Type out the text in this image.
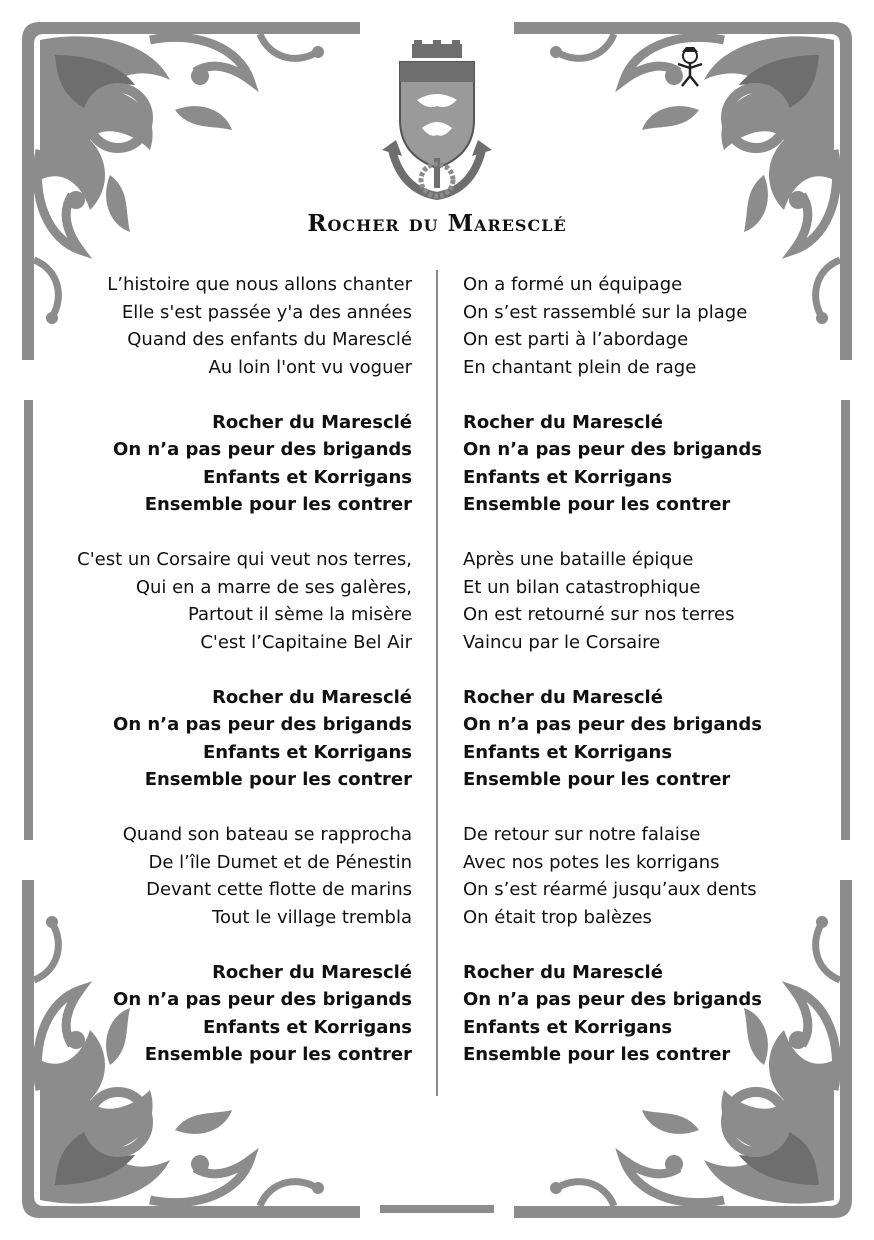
Rocher du Maresclé
L’histoire que nous allons chanter
Elle s'est passée y'a des années
Quand des enfants du Maresclé
Au loin l'ont vu voguer
Rocher du Maresclé
On n’a pas peur des brigands
Enfants et Korrigans
Ensemble pour les contrer
C'est un Corsaire qui veut nos terres,
Qui en a marre de ses galères,
Partout il sème la misère
C'est l’Capitaine Bel Air
Rocher du Maresclé
On n’a pas peur des brigands
Enfants et Korrigans
Ensemble pour les contrer
Quand son bateau se rapprocha
De l’île Dumet et de Pénestin
Devant cette flotte de marins
Tout le village trembla
Rocher du Maresclé
On n’a pas peur des brigands
Enfants et Korrigans
Ensemble pour les contrer
On a formé un équipage
On s’est rassemblé sur la plage
On est parti à l’abordage
En chantant plein de rage
Rocher du Maresclé
On n’a pas peur des brigands
Enfants et Korrigans
Ensemble pour les contrer
Après une bataille épique
Et un bilan catastrophique
On est retourné sur nos terres
Vaincu par le Corsaire
Rocher du Maresclé
On n’a pas peur des brigands
Enfants et Korrigans
Ensemble pour les contrer
De retour sur notre falaise
Avec nos potes les korrigans
On s’est réarmé jusqu’aux dents
On était trop balèzes
Rocher du Maresclé
On n’a pas peur des brigands
Enfants et Korrigans
Ensemble pour les contrer
